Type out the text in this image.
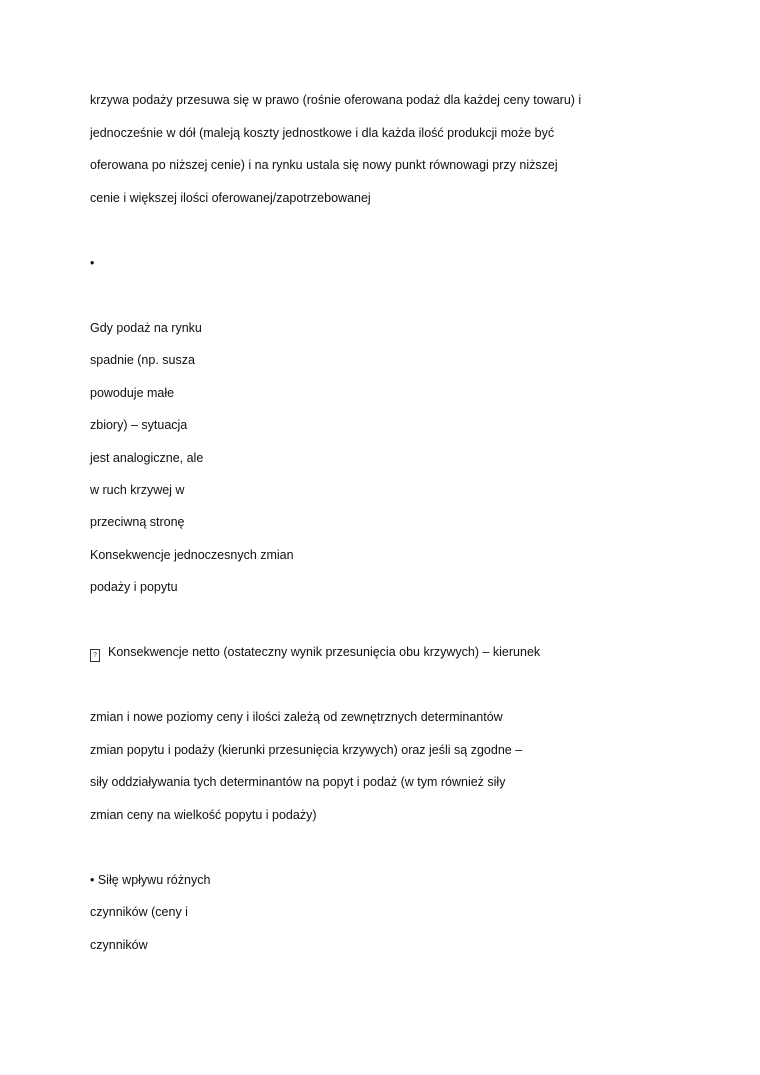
krzywa podaży przesuwa się w prawo (rośnie oferowana podaż dla każdej ceny towaru) i
jednocześnie w dół (maleją koszty jednostkowe i dla każda ilość produkcji może być
oferowana po niższej cenie) i na rynku ustala się nowy punkt równowagi przy niższej
cenie i większej ilości oferowanej/zapotrzebowanej
•
Gdy podaż na rynku
spadnie (np. susza
powoduje małe
zbiory) – sytuacja
jest analogiczne, ale
w ruch krzywej w
przeciwną stronę
Konsekwencje jednoczesnych zmian
podaży i popytu
? Konsekwencje netto (ostateczny wynik przesunięcia obu krzywych) – kierunek
zmian i nowe poziomy ceny i ilości zależą od zewnętrznych determinantów
zmian popytu i podaży (kierunki przesunięcia krzywych) oraz jeśli są zgodne –
siły oddziaływania tych determinantów na popyt i podaż (w tym również siły
zmian ceny na wielkość popytu i podaży)
• Siłę wpływu różnych
czynników (ceny i
czynników
